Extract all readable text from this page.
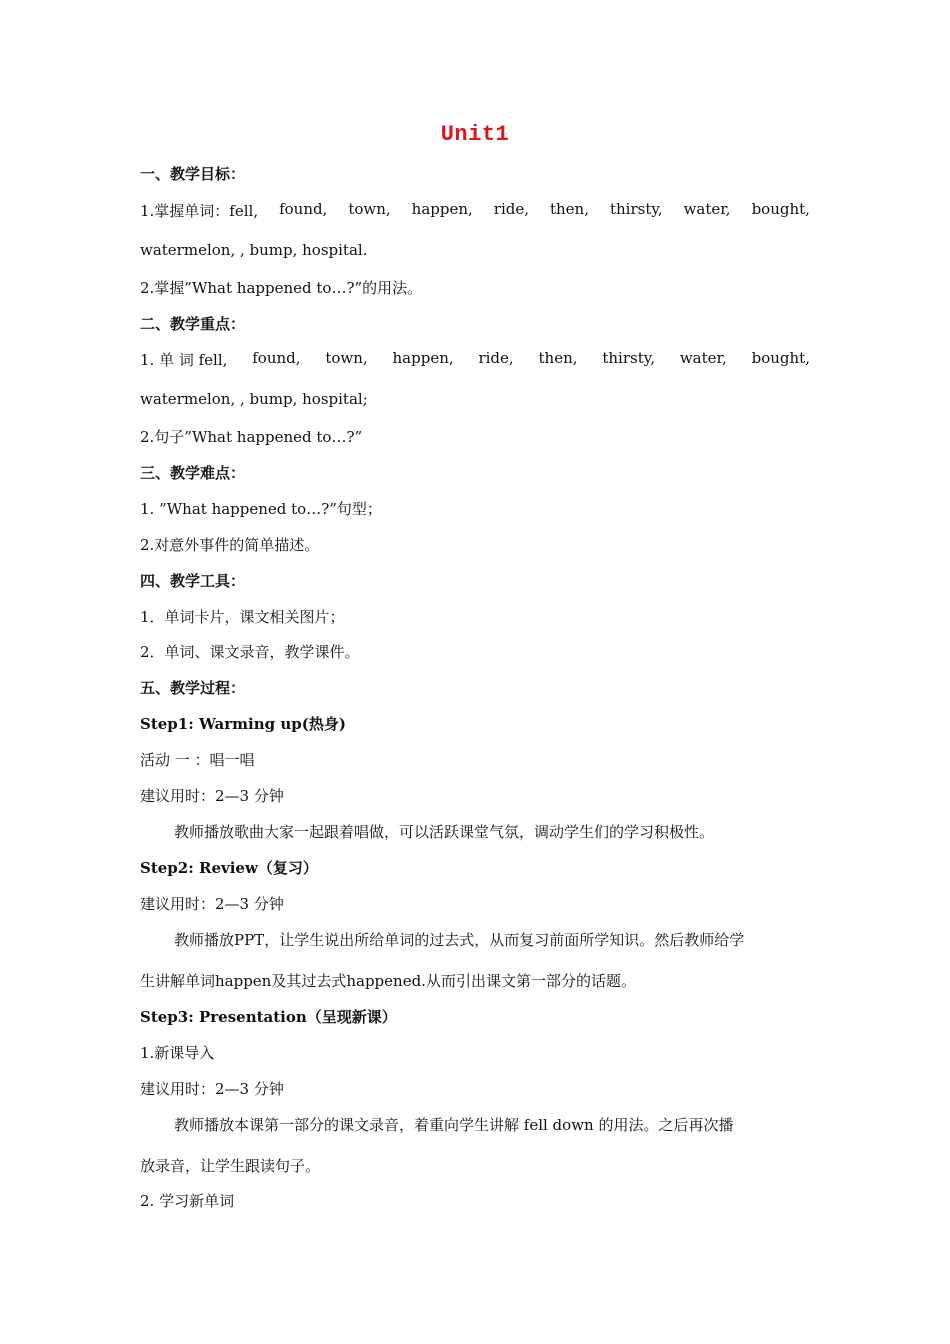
Unit1
一、教学目标：
1.掌握单词：fell, found, town, happen, ride, then, thirsty, water, bought,
watermelon, , bump, hospital.
2.掌握”What happened to…?”的用法。
二、教学重点：
1. 单 词 fell, found, town, happen, ride, then, thirsty, water, bought,
watermelon, , bump, hospital;
2.句子”What happened to…?”
三、教学难点：
1. ”What happened to…?”句型；
2.对意外事件的简单描述。
四、教学工具：
1．单词卡片，课文相关图片；
2．单词、课文录音，教学课件。
五、教学过程：
Step1: Warming up(热身)
活动 一 ：唱一唱
建议用时：2—3 分钟
教师播放歌曲大家一起跟着唱做，可以活跃课堂气氛，调动学生们的学习积极性。
Step2: Review（复习）
建议用时：2—3 分钟
教师播放PPT，让学生说出所给单词的过去式，从而复习前面所学知识。然后教师给学
生讲解单词happen及其过去式happened.从而引出课文第一部分的话题。
Step3: Presentation（呈现新课）
1.新课导入
建议用时：2—3 分钟
教师播放本课第一部分的课文录音，着重向学生讲解 fell down 的用法。之后再次播
放录音，让学生跟读句子。
2. 学习新单词
